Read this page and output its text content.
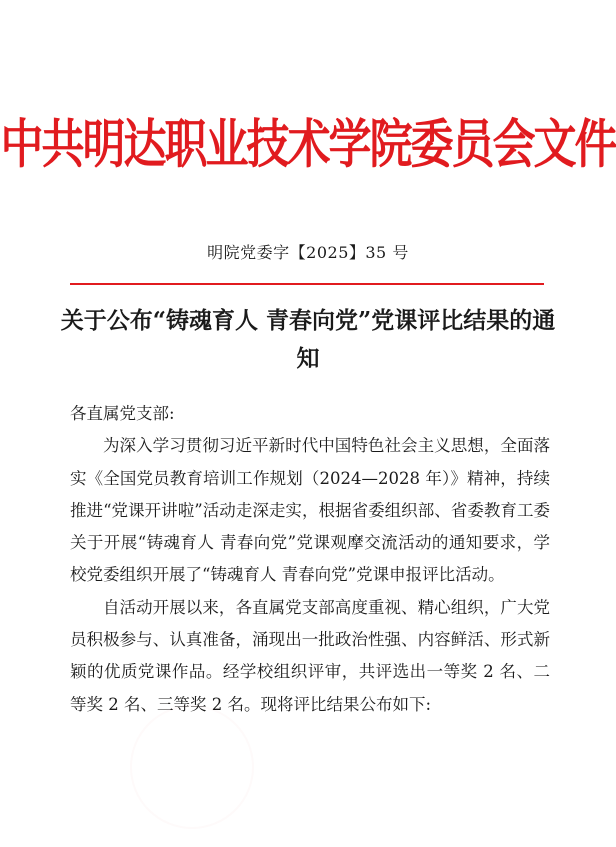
中共明达职业技术学院委员会文件
明院党委字【2025】35 号
关于公布“铸魂育人 青春向党”党课评比结果的通知

各直属党支部:

为深入学习贯彻习近平新时代中国特色社会主义思想，全面落实《全国党员教育培训工作规划（2024—2028 年）》精神，持续推进“党课开讲啦”活动走深走实，根据省委组织部、省委教育工委关于开展“铸魂育人 青春向党”党课观摩交流活动的通知要求，学校党委组织开展了“铸魂育人 青春向党”党课申报评比活动。

自活动开展以来，各直属党支部高度重视、精心组织，广大党员积极参与、认真准备，涌现出一批政治性强、内容鲜活、形式新颖的优质党课作品。经学校组织评审，共评选出一等奖 2 名、二等奖 2 名、三等奖 2 名。现将评比结果公布如下:
